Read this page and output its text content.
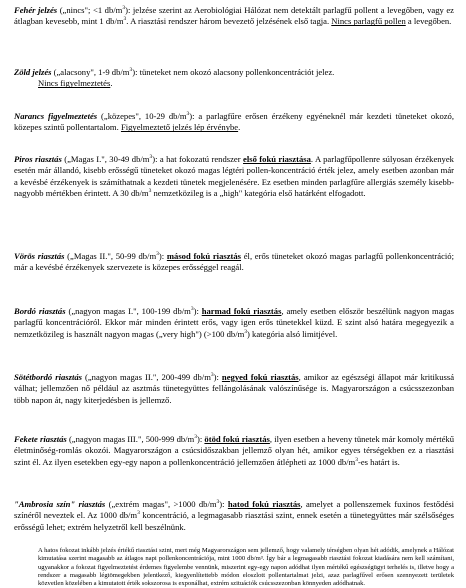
Fehér jelzés („nincs"; <1 $db/m^3$): jelzése szerint az Aerobiológiai Hálózat nem detektált parlagfű pollent a levegőben, vagy ez átlagban kevesebb, mint 1 $db/m^3$. A riasztási rendszer három bevezető jelzésének első tagja. Nincs parlagfű pollen a levegőben.

Zöld jelzés („alacsony", 1-9 $db/m^3$): tüneteket nem okozó alacsony pollenkoncentrációt jelez.

Nincs figyelmeztetés.

Narancs figyelmeztetés („közepes", 10-29 $db/m^3$): a parlagfűre erősen érzékeny egyéneknél már kezdeti tüneteket okozó, közepes szintű pollentartalom. Figyelmeztető jelzés lép érvénybe.

Piros riasztás („Magas I.", 30-49 $db/m^3$): a hat fokozatú rendszer első fokú riasztása. A parlagfűpollenre súlyosan érzékenyek esetén már állandó, kisebb erősségű tüneteket okozó magas légtéri pollen-koncentráció érték jelez, amely esetben azonban már a kevésbé érzékenyek is számíthatnak a kezdeti tünetek megjelenésére. Ez esetben minden parlagfűre allergiás személy kisebb-nagyobb mértékben érintett. A 30 $db/m^3$ nemzetközileg is a „high" kategória első határként elfogadott.

Vörös riasztás („Magas II.", 50-99 $db/m^3$): másod fokú riasztás él, erős tüneteket okozó magas parlagfű pollenkoncentráció; már a kevésbé érzékenyek szervezete is közepes erősséggel reagál.

Bordó riasztás („nagyon magas I.", 100-199 $db/m^3$): harmad fokú riasztás, amely esetben először beszélünk nagyon magas parlagfű koncentrációról. Ekkor már minden érintett erős, vagy igen erős tünetekkel küzd. E szint alsó határa megegyezik a nemzetközileg is használt nagyon magas („very high") (>100 $db/m^3$) kategória alsó limitjével.

Sötétbordó riasztás („nagyon magas II.", 200-499 $db/m^3$): negyed fokú riasztás, amikor az egészségi állapot már kritikussá válhat; jellemzően nő például az asztmás tünetegyüttes fellángolásának valószínűsége is. Magyarországon a csúcsszezonban több napon át, nagy kiterjedésben is jellemző.

Fekete riasztás („nagyon magas III.", 500-999 $db/m^3$): ötöd fokú riasztás, ilyen esetben a heveny tünetek már komoly mértékű életminőség-romlás okozói. Magyarországon a csúcsidőszakban jellemző olyan hét, amikor egyes térségekben ez a riasztási szint él. Az ilyen esetekben egy-egy napon a pollenkoncentráció jellemzően átlépheti az 1000 $db/m^3-es$ határt is.

"Ambrosia szín" riasztás („extrém magas", >1000 $db/m^3$): hatod fokú riasztás, amelyet a pollenszemek fuxinos festődési színéről neveztek el. Az 1000 $db/m^3$ koncentráció, a legmagasabb riasztási szint, ennek esetén a tünetegyüttes már szélsőséges erősségű lehet; extrém helyzetről kell beszélnünk.

A hatos fokozat inkább jelzés értékű riasztási szint, mert még Magyarországon sem jellemző, hogy valamely térségben olyan hét adódik, amelynek a Hálózat kimutatása szerint magasabb az átlagos napi pollenkoncentrációja, mint 1000 db/m³. Így bár a legmagasabb riasztási fokozat kiadására nem kell számítani, ugyanakkor a fokozat figyelmeztetést érdemes figyelembe vennünk, miszerint egy-egy napon adódhat ilyen mértékű egészségügyi terhelés is, illetve hogy a rendszer a magasabb légtömegekben jelentkező, kiegyenlítettebb módon eloszlott pollentartalmat jelzi, azaz parlagfűvel erősen szennyezett területek közvetlen közelében a kimutatott érték sokszorosa is exponálhat, extrém szituációk csúcsszezonban könnyeden adódhatnak.
